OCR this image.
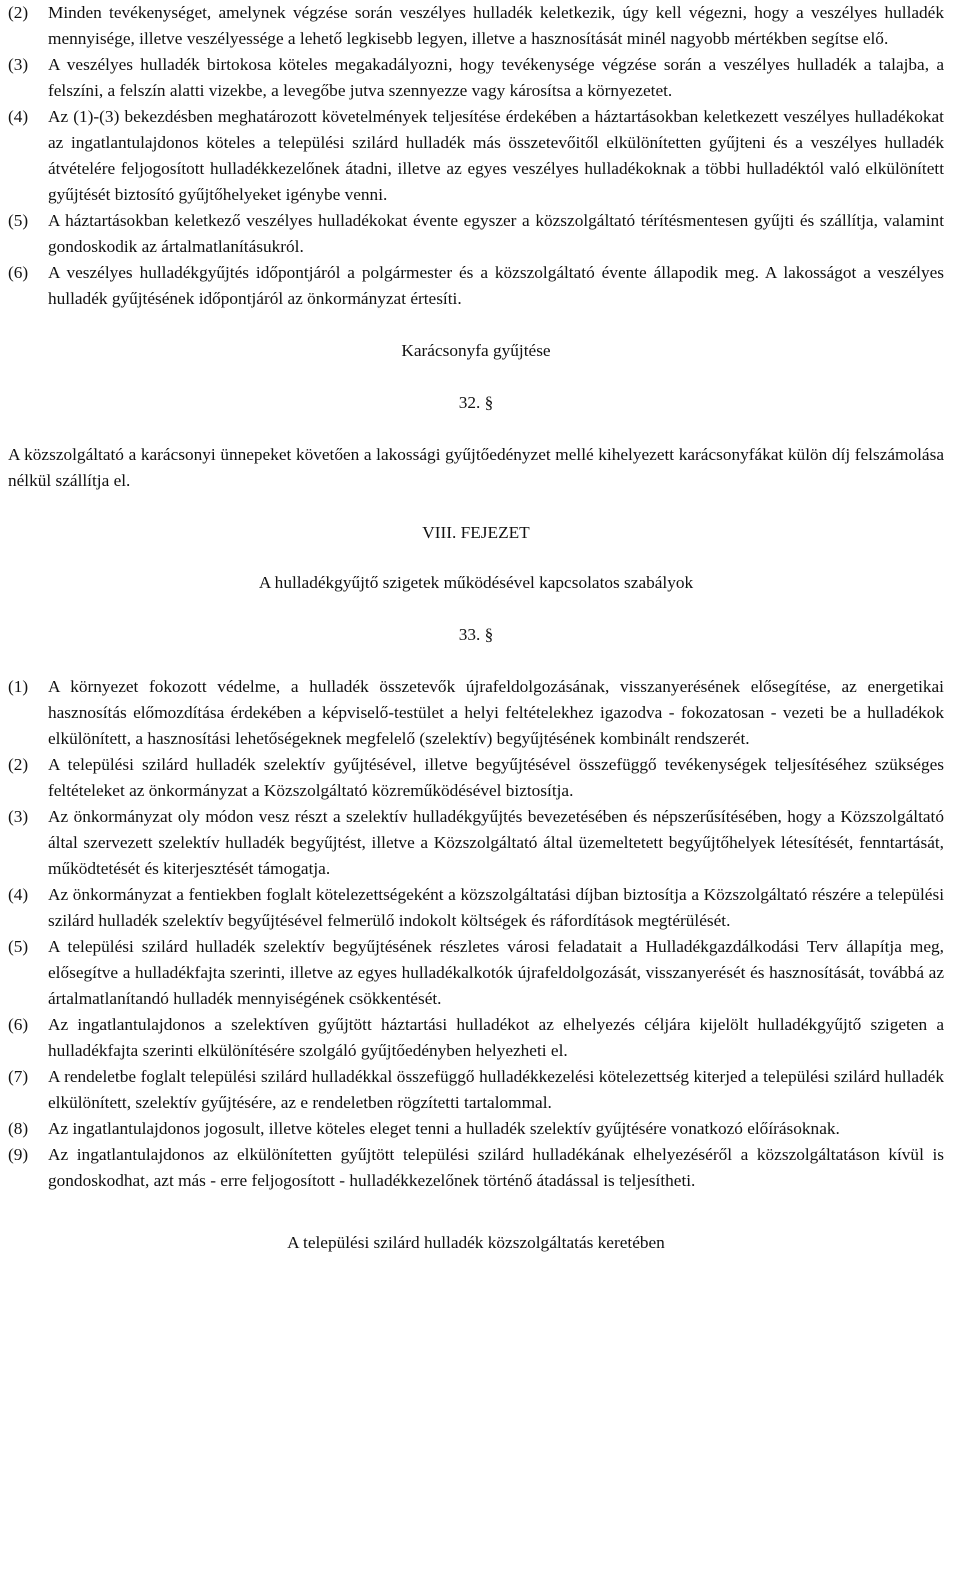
(2) Minden tevékenységet, amelynek végzése során veszélyes hulladék keletkezik, úgy kell végezni, hogy a veszélyes hulladék mennyisége, illetve veszélyessége a lehető legkisebb legyen, illetve a hasznosítását minél nagyobb mértékben segítse elő.

(3) A veszélyes hulladék birtokosa köteles megakadályozni, hogy tevékenysége végzése során a veszélyes hulladék a talajba, a felszíni, a felszín alatti vizekbe, a levegőbe jutva szennyezze vagy károsítsa a környezetet.

(4) Az (1)-(3) bekezdésben meghatározott követelmények teljesítése érdekében a háztartásokban keletkezett veszélyes hulladékokat az ingatlantulajdonos köteles a települési szilárd hulladék más összetevőitől elkülönítetten gyűjteni és a veszélyes hulladék átvételére feljogosított hulladékkezelőnek átadni, illetve az egyes veszélyes hulladékoknak a többi hulladéktól való elkülönített gyűjtését biztosító gyűjtőhelyeket igénybe venni.

(5) A háztartásokban keletkező veszélyes hulladékokat évente egyszer a közszolgáltató térítésmentesen gyűjti és szállítja, valamint gondoskodik az ártalmatlanításukról.

(6) A veszélyes hulladékgyűjtés időpontjáról a polgármester és a közszolgáltató évente állapodik meg. A lakosságot a veszélyes hulladék gyűjtésének időpontjáról az önkormányzat értesíti.

Karácsonyfa gyűjtése

32. §

A közszolgáltató a karácsonyi ünnepeket követően a lakossági gyűjtőedényzet mellé kihelyezett karácsonyfákat külön díj felszámolása nélkül szállítja el.

VIII. FEJEZET

A hulladékgyűjtő szigetek működésével kapcsolatos szabályok

33. §

(1) A környezet fokozott védelme, a hulladék összetevők újrafeldolgozásának, visszanyerésének elősegítése, az energetikai hasznosítás előmozdítása érdekében a képviselő-testület a helyi feltételekhez igazodva - fokozatosan - vezeti be a hulladékok elkülönített, a hasznosítási lehetőségeknek megfelelő (szelektív) begyűjtésének kombinált rendszerét.

(2) A települési szilárd hulladék szelektív gyűjtésével, illetve begyűjtésével összefüggő tevékenységek teljesítéséhez szükséges feltételeket az önkormányzat a Közszolgáltató közreműködésével biztosítja.

(3) Az önkormányzat oly módon vesz részt a szelektív hulladékgyűjtés bevezetésében és népszerűsítésében, hogy a Közszolgáltató által szervezett szelektív hulladék begyűjtést, illetve a Közszolgáltató által üzemeltetett begyűjtőhelyek létesítését, fenntartását, működtetését és kiterjesztését támogatja.

(4) Az önkormányzat a fentiekben foglalt kötelezettségeként a közszolgáltatási díjban biztosítja a Közszolgáltató részére a települési szilárd hulladék szelektív begyűjtésével felmerülő indokolt költségek és ráfordítások megtérülését.

(5) A települési szilárd hulladék szelektív begyűjtésének részletes városi feladatait a Hulladékgazdálkodási Terv állapítja meg, elősegítve a hulladékfajta szerinti, illetve az egyes hulladékalkotók újrafeldolgozását, visszanyerését és hasznosítását, továbbá az ártalmatlanítandó hulladék mennyiségének csökkentését.

(6) Az ingatlantulajdonos a szelektíven gyűjtött háztartási hulladékot az elhelyezés céljára kijelölt hulladékgyűjtő szigeten a hulladékfajta szerinti elkülönítésére szolgáló gyűjtőedényben helyezheti el.

(7) A rendeletbe foglalt települési szilárd hulladékkal összefüggő hulladékkezelési kötelezettség kiterjed a települési szilárd hulladék elkülönített, szelektív gyűjtésére, az e rendeletben rögzítetti tartalommal.

(8) Az ingatlantulajdonos jogosult, illetve köteles eleget tenni a hulladék szelektív gyűjtésére vonatkozó előírásoknak.

(9) Az ingatlantulajdonos az elkülönítetten gyűjtött települési szilárd hulladékának elhelyezéséről a közszolgáltatáson kívül is gondoskodhat, azt más - erre feljogosított - hulladékkezelőnek történő átadással is teljesítheti.

A települési szilárd hulladék közszolgáltatás keretében
